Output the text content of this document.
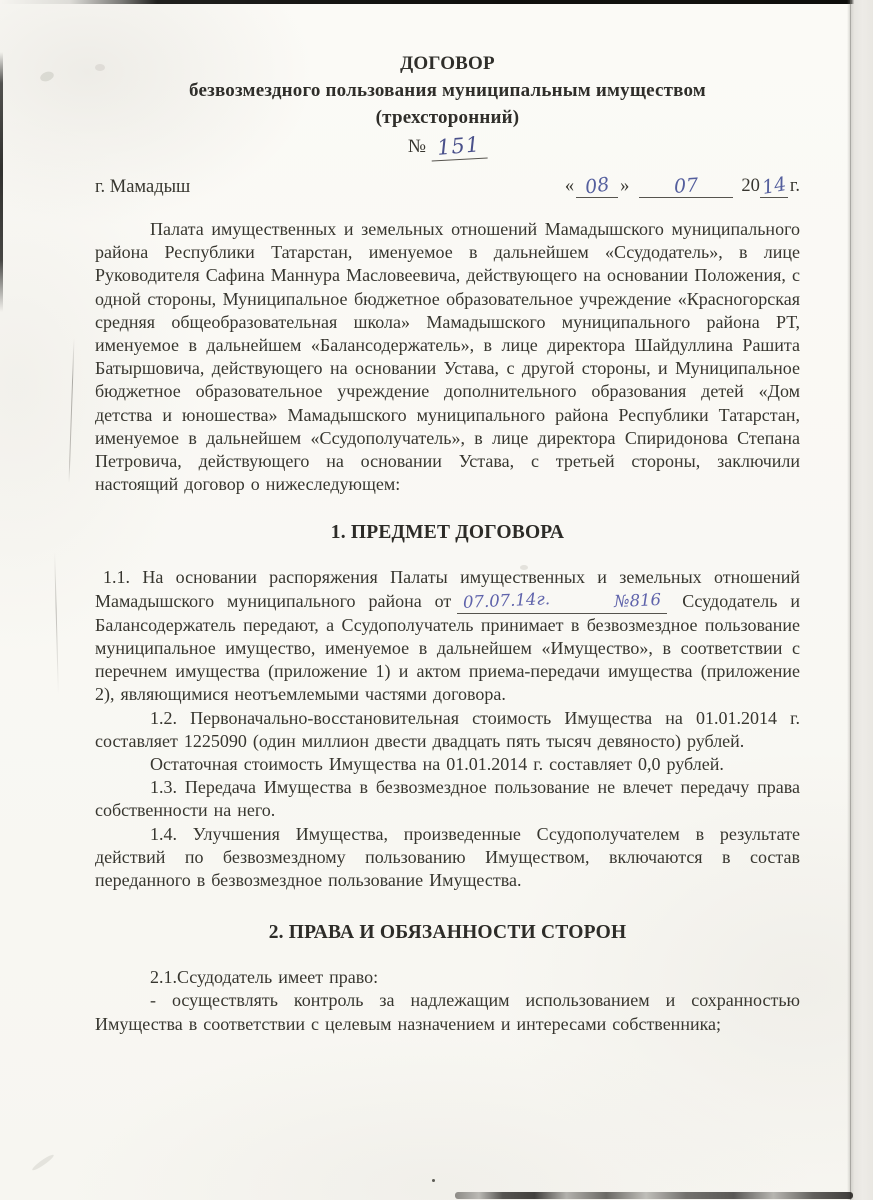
ДОГОВОР
безвозмездного пользования муниципальным имуществом
(трехсторонний)
№ 151
г. Мамадыш	« 08 » 07 2014 г.

Палата имущественных и земельных отношений Мамадышского муниципального района Республики Татарстан, именуемое в дальнейшем «Ссудодатель», в лице Руководителя Сафина Маннура Масловеевича, действующего на основании Положения, с одной стороны, Муниципальное бюджетное образовательное учреждение «Красногорская средняя общеобразовательная школа» Мамадышского муниципального района РТ, именуемое в дальнейшем «Балансодержатель», в лице директора Шайдуллина Рашита Батыршовича, действующего на основании Устава, с другой стороны, и Муниципальное бюджетное образовательное учреждение дополнительного образования детей «Дом детства и юношества» Мамадышского муниципального района Республики Татарстан, именуемое в дальнейшем «Ссудополучатель», в лице директора Спиридонова Степана Петровича, действующего на основании Устава, с третьей стороны, заключили настоящий договор о нижеследующем:

1. ПРЕДМЕТ ДОГОВОРА

1.1. На основании распоряжения Палаты имущественных и земельных отношений Мамадышского муниципального района от 07.07.14г.	№816 Ссудодатель и Балансодержатель передают, а Ссудополучатель принимает в безвозмездное пользование муниципальное имущество, именуемое в дальнейшем «Имущество», в соответствии с перечнем имущества (приложение 1) и актом приема-передачи имущества (приложение 2), являющимися неотъемлемыми частями договора.

1.2. Первоначально-восстановительная стоимость Имущества на 01.01.2014 г. составляет 1225090 (один миллион двести двадцать пять тысяч девяносто) рублей.

Остаточная стоимость Имущества на 01.01.2014 г. составляет 0,0 рублей.

1.3. Передача Имущества в безвозмездное пользование не влечет передачу права собственности на него.

1.4. Улучшения Имущества, произведенные Ссудополучателем в результате действий по безвозмездному пользованию Имуществом, включаются в состав переданного в безвозмездное пользование Имущества.

2. ПРАВА И ОБЯЗАННОСТИ СТОРОН

2.1.Ссудодатель имеет право:

- осуществлять контроль за надлежащим использованием и сохранностью Имущества в соответствии с целевым назначением и интересами собственника;
